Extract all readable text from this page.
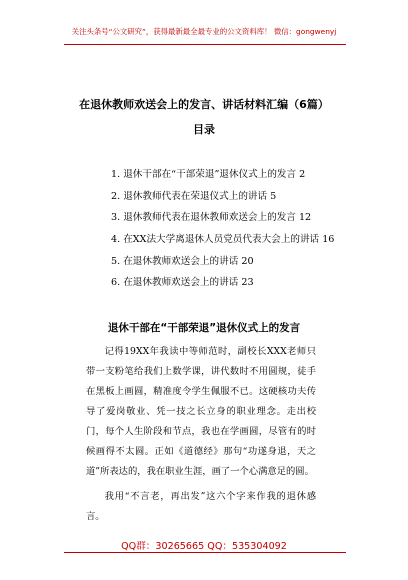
关注头条号“公文研究”，获得最新最全最专业的公文资料库！ 微信：gongwenyj
在退休教师欢送会上的发言、讲话材料汇编（6篇）
目录
1. 退休干部在“干部荣退”退休仪式上的发言 2
2. 退休教师代表在荣退仪式上的讲话 5
3. 退休教师代表在退休教师欢送会上的发言 12
4. 在XX法大学离退休人员党员代表大会上的讲话 16
5. 在退休教师欢送会上的讲话 20
6. 在退休教师欢送会上的讲话 23
退休干部在“干部荣退”退休仪式上的发言

记得19XX年我读中等师范时，副校长XXX老师只带一支粉笔给我们上数学课，讲代数时不用圆规，徒手在黑板上画圆，精准度令学生佩服不已。这硬核功夫传导了爱岗敬业、凭一技之长立身的职业理念。走出校门，每个人生阶段和节点，我也在学画圆，尽管有的时候画得不太圆。正如《道德经》那句“功遂身退，天之道”所表达的，我在职业生涯，画了一个心满意足的圆。

我用“不言老，再出发”这六个字来作我的退休感言。

QQ群：30265665 QQ：535304092
